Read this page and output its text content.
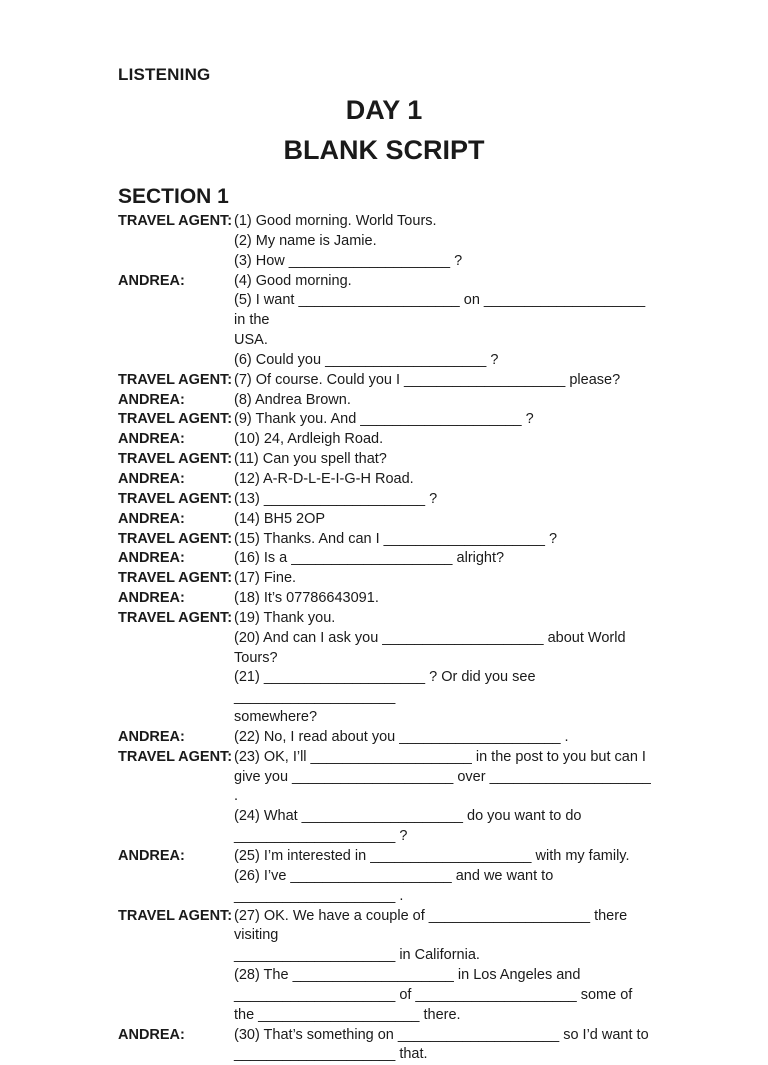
LISTENING
DAY 1
BLANK SCRIPT
SECTION 1
TRAVEL AGENT: (1) Good morning. World Tours.
(2) My name is Jamie.
(3) How ____________________ ?
ANDREA:	(4) Good morning.
(5) I want ____________________ on ____________________ in the
USA.
(6) Could you ____________________ ?
TRAVEL AGENT: (7) Of course. Could you I ____________________ please?
ANDREA:	(8) Andrea Brown.
TRAVEL AGENT: (9) Thank you. And ____________________ ?
ANDREA:	(10) 24, Ardleigh Road.
TRAVEL AGENT: (11) Can you spell that?
ANDREA:	(12) A-R-D-L-E-I-G-H Road.
TRAVEL AGENT: (13) ____________________ ?
ANDREA:	(14) BH5 2OP
TRAVEL AGENT: (15) Thanks. And can I ____________________ ?
ANDREA:	(16) Is a ____________________ alright?
TRAVEL AGENT: (17) Fine.
ANDREA:	(18) It’s 07786643091.
TRAVEL AGENT: (19) Thank you.
(20) And can I ask you ____________________ about World Tours?
(21) ____________________ ? Or did you see ____________________
somewhere?
ANDREA:	(22) No, I read about you ____________________ .
TRAVEL AGENT: (23) OK, I’ll ____________________ in the post to you but can I
give you ____________________ over ____________________ .
(24) What ____________________ do you want to do
____________________ ?
ANDREA:	(25) I’m interested in ____________________ with my family.
(26) I’ve ____________________ and we want to
____________________ .
TRAVEL AGENT: (27) OK. We have a couple of ____________________ there visiting
____________________ in California.
(28) The ____________________ in Los Angeles and
____________________ of ____________________ some of
the ____________________ there.
ANDREA:	(30) That’s something on ____________________ so I’d want to
____________________ that.
